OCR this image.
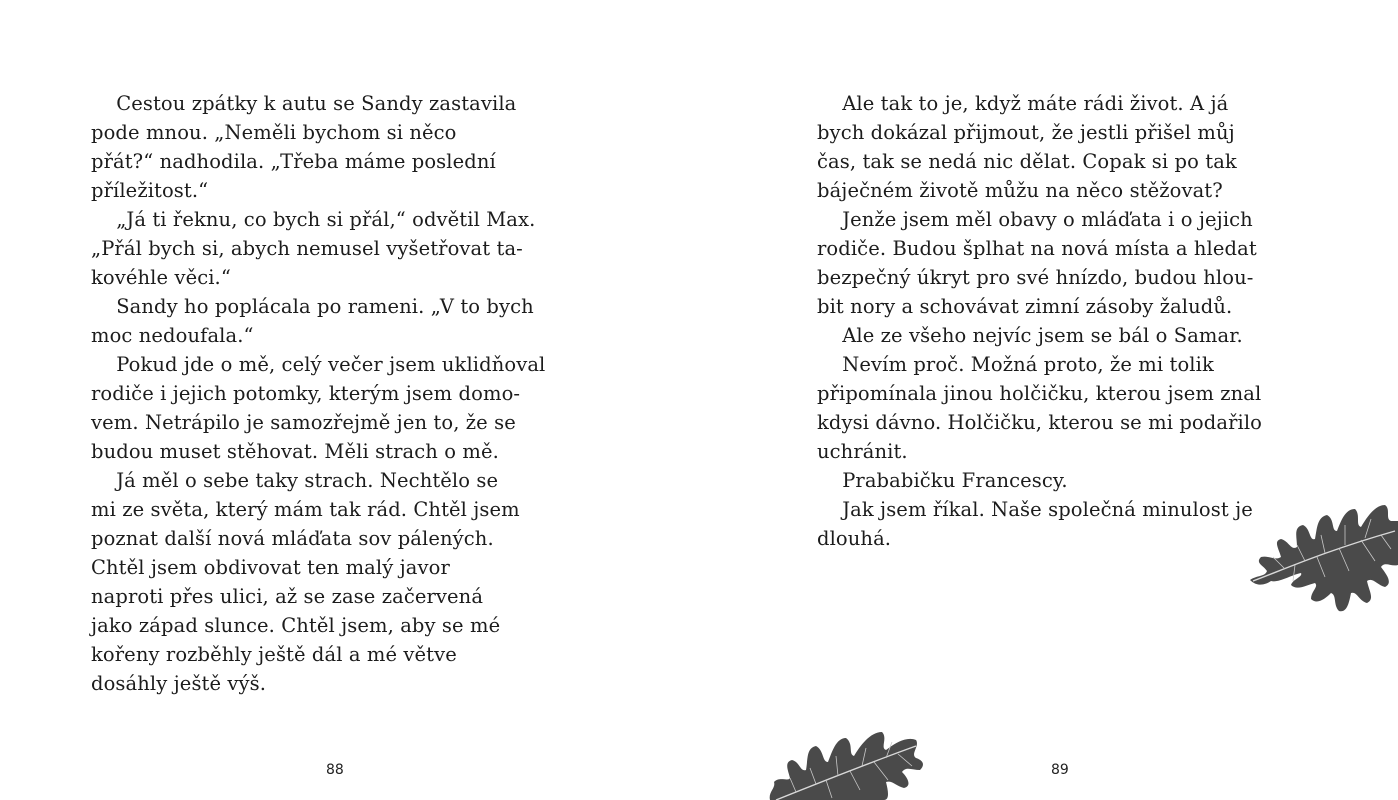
Cestou zpátky k autu se Sandy zastavila
pode mnou. „Neměli bychom si něco
přát?“ nadhodila. „Třeba máme poslední
příležitost.“
„Já ti řeknu, co bych si přál,“ odvětil Max.
„Přál bych si, abych nemusel vyšetřovat ta-
kovéhle věci.“
Sandy ho poplácala po rameni. „V to bych
moc nedoufala.“
Pokud jde o mě, celý večer jsem uklidňoval
rodiče i jejich potomky, kterým jsem domo-
vem. Netrápilo je samozřejmě jen to, že se
budou muset stěhovat. Měli strach o mě.
Já měl o sebe taky strach. Nechtělo se
mi ze světa, který mám tak rád. Chtěl jsem
poznat další nová mláďata sov pálených.
Chtěl jsem obdivovat ten malý javor
naproti přes ulici, až se zase začervená
jako západ slunce. Chtěl jsem, aby se mé
kořeny rozběhly ještě dál a mé větve
dosáhly ještě výš.
88
Ale tak to je, když máte rádi život. A já
bych dokázal přijmout, že jestli přišel můj
čas, tak se nedá nic dělat. Copak si po tak
báječném životě můžu na něco stěžovat?
Jenže jsem měl obavy o mláďata i o jejich
rodiče. Budou šplhat na nová místa a hledat
bezpečný úkryt pro své hnízdo, budou hlou-
bit nory a schovávat zimní zásoby žaludů.
Ale ze všeho nejvíc jsem se bál o Samar.
Nevím proč. Možná proto, že mi tolik
připomínala jinou holčičku, kterou jsem znal
kdysi dávno. Holčičku, kterou se mi podařilo
uchránit.
Prababičku Francescy.
Jak jsem říkal. Naše společná minulost je
dlouhá.
89
